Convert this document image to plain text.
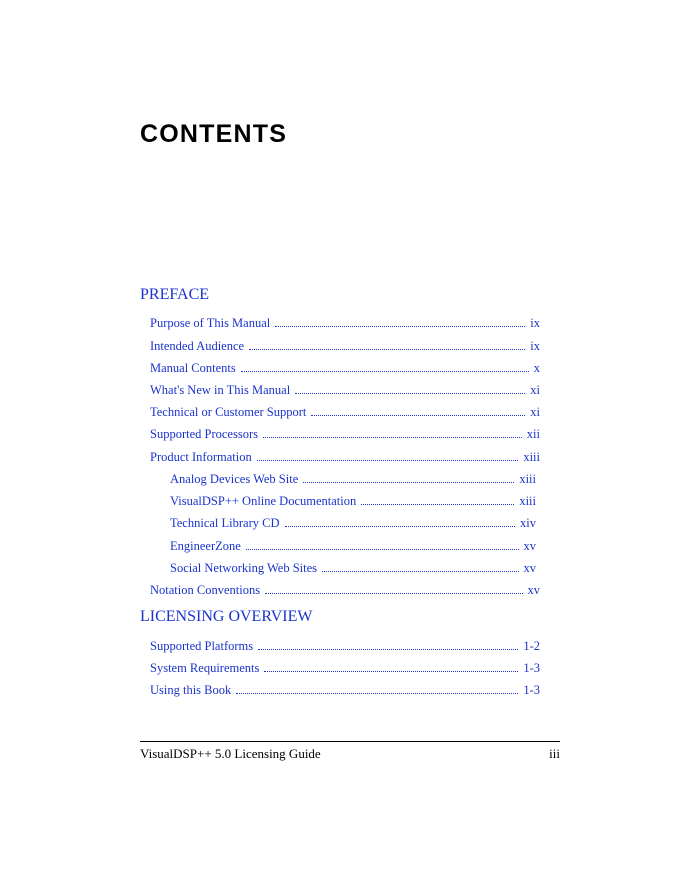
CONTENTS
PREFACE
Purpose of This Manual	ix
Intended Audience	ix
Manual Contents	x
What's New in This Manual	xi
Technical or Customer Support	xi
Supported Processors	xii
Product Information	xiii
Analog Devices Web Site	xiii
VisualDSP++ Online Documentation	xiii
Technical Library CD	xiv
EngineerZone	xv
Social Networking Web Sites	xv
Notation Conventions	xv
LICENSING OVERVIEW
Supported Platforms	1-2
System Requirements	1-3
Using this Book	1-3
VisualDSP++ 5.0 Licensing Guide	iii
